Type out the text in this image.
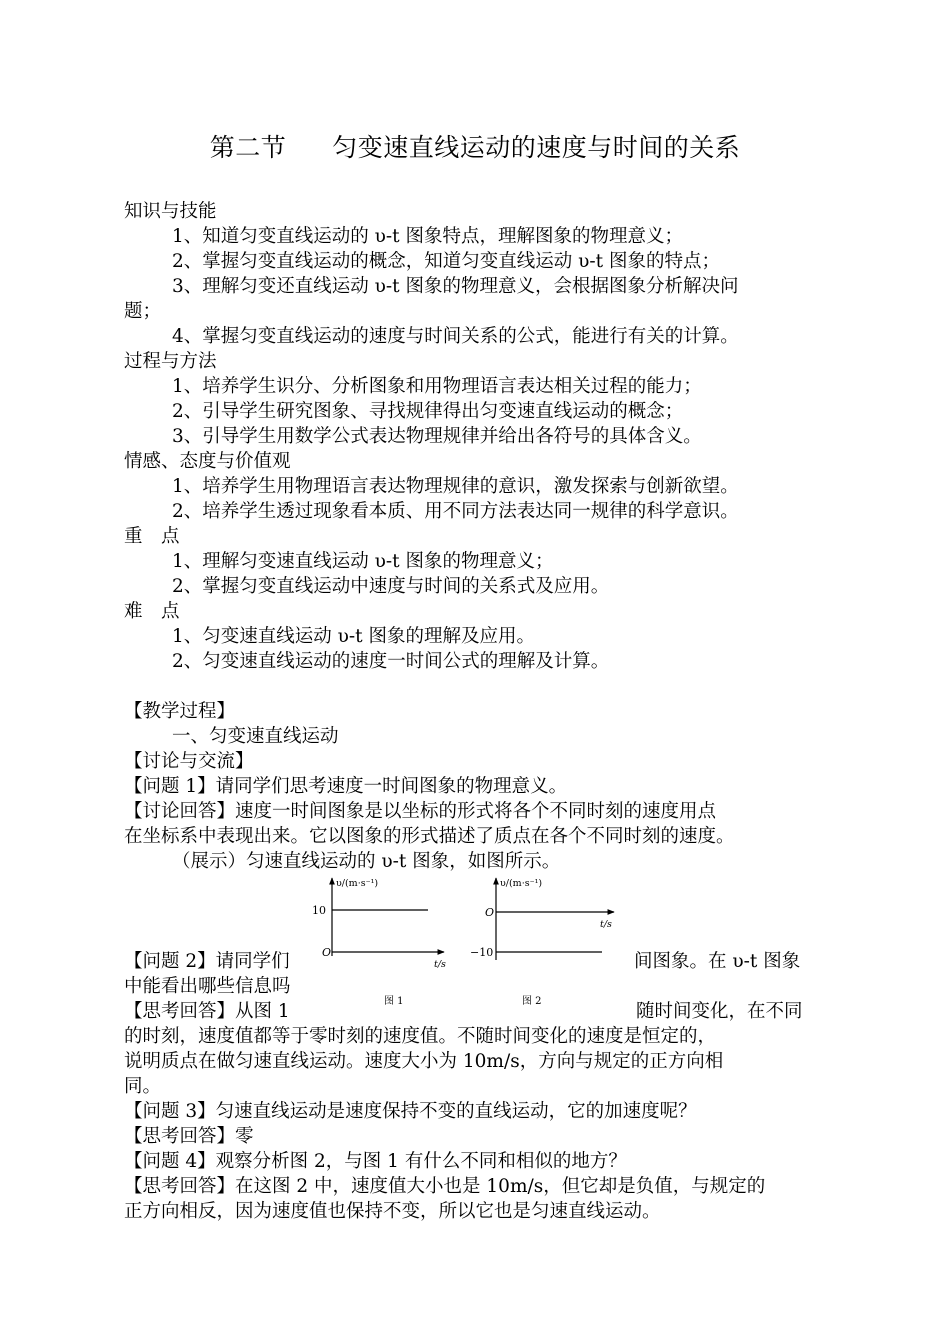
第二节 匀变速直线运动的速度与时间的关系
知识与技能
1、知道匀变直线运动的 υ-t 图象特点，理解图象的物理意义；
2、掌握匀变直线运动的概念，知道匀变直线运动 υ-t 图象的特点；
3、理解匀变还直线运动 υ-t 图象的物理意义，会根据图象分析解决问
题；
4、掌握匀变直线运动的速度与时间关系的公式，能进行有关的计算。
过程与方法
1、培养学生识分、分析图象和用物理语言表达相关过程的能力；
2、引导学生研究图象、寻找规律得出匀变速直线运动的概念；
3、引导学生用数学公式表达物理规律并给出各符号的具体含义。
情感、态度与价值观
1、培养学生用物理语言表达物理规律的意识，激发探索与创新欲望。
2、培养学生透过现象看本质、用不同方法表达同一规律的科学意识。
重　点
1、理解匀变速直线运动 υ-t 图象的物理意义；
2、掌握匀变直线运动中速度与时间的关系式及应用。
难　点
1、匀变速直线运动 υ-t 图象的理解及应用。
2、匀变速直线运动的速度一时间公式的理解及计算。
【教学过程】
一、匀变速直线运动
【讨论与交流】
【问题 1】请同学们思考速度一时间图象的物理意义。
【讨论回答】速度一时间图象是以坐标的形式将各个不同时刻的速度用点
在坐标系中表现出来。它以图象的形式描述了质点在各个不同时刻的速度。
（展示）匀速直线运动的 υ-t 图象，如图所示。
【问题 2】请同学们	间图象。在 υ-t 图象
中能看出哪些信息吗
【思考回答】从图 1	随时间变化，在不同
的时刻，速度值都等于零时刻的速度值。不随时间变化的速度是恒定的，
说明质点在做匀速直线运动。速度大小为 10m/s，方向与规定的正方向相
同。
【问题 3】匀速直线运动是速度保持不变的直线运动，它的加速度呢？
【思考回答】零
【问题 4】观察分析图 2，与图 1 有什么不同和相似的地方？
【思考回答】在这图 2 中，速度值大小也是 10m/s，但它却是负值，与规定的
正方向相反，因为速度值也保持不变，所以它也是匀速直线运动。
υ/(m·s⁻¹)
10
O
t/s
图 1
υ/(m·s⁻¹)
−10
O
t/s
图 2
